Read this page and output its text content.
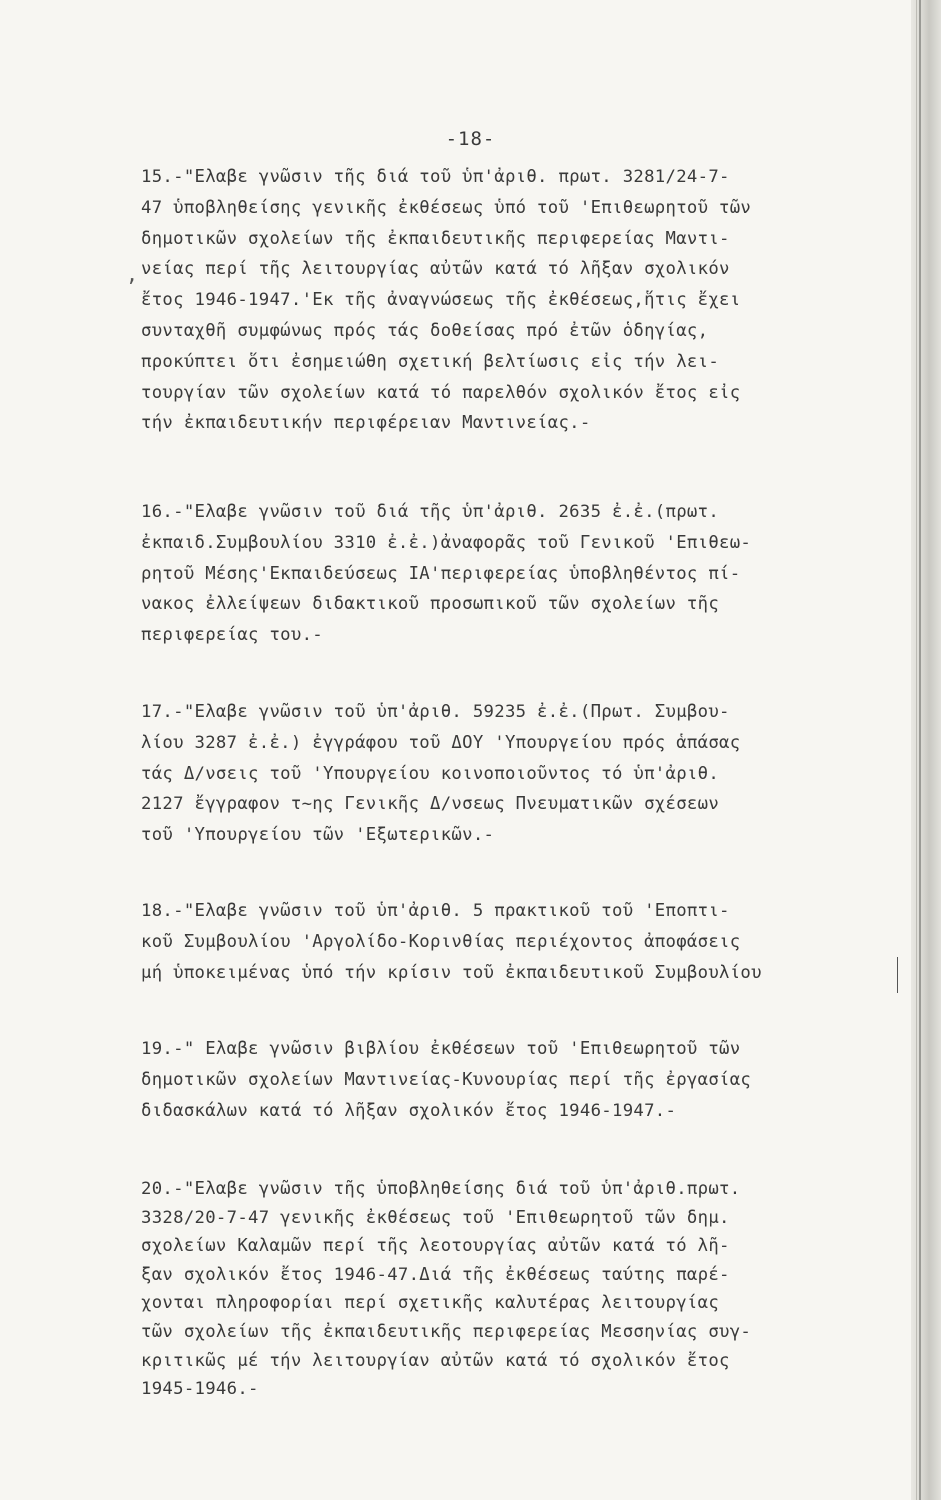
-18-
,
15.-"Ελαβε γνῶσιν τῆς διά τοῦ ὑπ'ἀριθ. πρωτ. 3281/24-7-
47 ὑποβληθείσης γενικῆς ἐκθέσεως ὑπό τοῦ 'Επιθεωρητοῦ τῶν
δημοτικῶν σχολείων τῆς ἐκπαιδευτικῆς περιφερείας Μαντι-
νείας περί τῆς λειτουργίας αὐτῶν κατά τό λῆξαν σχολικόν
ἔτος 1946-1947.'Εκ τῆς ἀναγνώσεως τῆς ἐκθέσεως,ἥτις ἔχει
συνταχθῆ συμφώνως πρός τάς δοθείσας πρό ἐτῶν ὁδηγίας,
προκύπτει ὅτι ἐσημειώθη σχετική βελτίωσις εἰς τήν λει-
τουργίαν τῶν σχολείων κατά τό παρελθόν σχολικόν ἔτος εἰς
τήν ἐκπαιδευτικήν περιφέρειαν Μαντινείας.-
16.-"Ελαβε γνῶσιν τοῦ διά τῆς ὑπ'ἀριθ. 2635 ἐ.ἐ.(πρωτ.
ἐκπαιδ.Συμβουλίου 3310 ἐ.ἐ.)ἀναφορᾶς τοῦ Γενικοῦ 'Επιθεω-
ρητοῦ Μέσης'Εκπαιδεύσεως ΙΑ'περιφερείας ὑποβληθέντος πί-
νακος ἐλλείψεων διδακτικοῦ προσωπικοῦ τῶν σχολείων τῆς
περιφερείας του.-
17.-"Ελαβε γνῶσιν τοῦ ὑπ'ἀριθ. 59235 ἐ.ἐ.(Πρωτ. Συμβου-
λίου 3287 ἐ.ἐ.) ἐγγράφου τοῦ ΔΟΥ 'Υπουργείου πρός ἁπάσας
τάς Δ/νσεις τοῦ 'Υπουργείου κοινοποιοῦντος τό ὑπ'ἀριθ.
2127 ἔγγραφον τ~ης Γενικῆς Δ/νσεως Πνευματικῶν σχέσεων
τοῦ 'Υπουργείου τῶν 'Εξωτερικῶν.-
18.-"Ελαβε γνῶσιν τοῦ ὑπ'ἀριθ. 5 πρακτικοῦ τοῦ 'Εποπτι-
κοῦ Συμβουλίου 'Αργολίδο-Κορινθίας περιέχοντος ἀποφάσεις
μή ὑποκειμένας ὑπό τήν κρίσιν τοῦ ἐκπαιδευτικοῦ Συμβουλίου
19.-" Ελαβε γνῶσιν βιβλίου ἐκθέσεων τοῦ 'Επιθεωρητοῦ τῶν
δημοτικῶν σχολείων Μαντινείας-Κυνουρίας περί τῆς ἐργασίας
διδασκάλων κατά τό λῆξαν σχολικόν ἔτος 1946-1947.-
20.-"Ελαβε γνῶσιν τῆς ὑποβληθείσης διά τοῦ ὑπ'ἀριθ.πρωτ.
3328/20-7-47 γενικῆς ἐκθέσεως τοῦ 'Επιθεωρητοῦ τῶν δημ.
σχολείων Καλαμῶν περί τῆς λεοτουργίας αὐτῶν κατά τό λῆ-
ξαν σχολικόν ἔτος 1946-47.Διά τῆς ἐκθέσεως ταύτης παρέ-
χονται πληροφορίαι περί σχετικῆς καλυτέρας λειτουργίας
τῶν σχολείων τῆς ἐκπαιδευτικῆς περιφερείας Μεσσηνίας συγ-
κριτικῶς μέ τήν λειτουργίαν αὐτῶν κατά τό σχολικόν ἔτος
1945-1946.-
